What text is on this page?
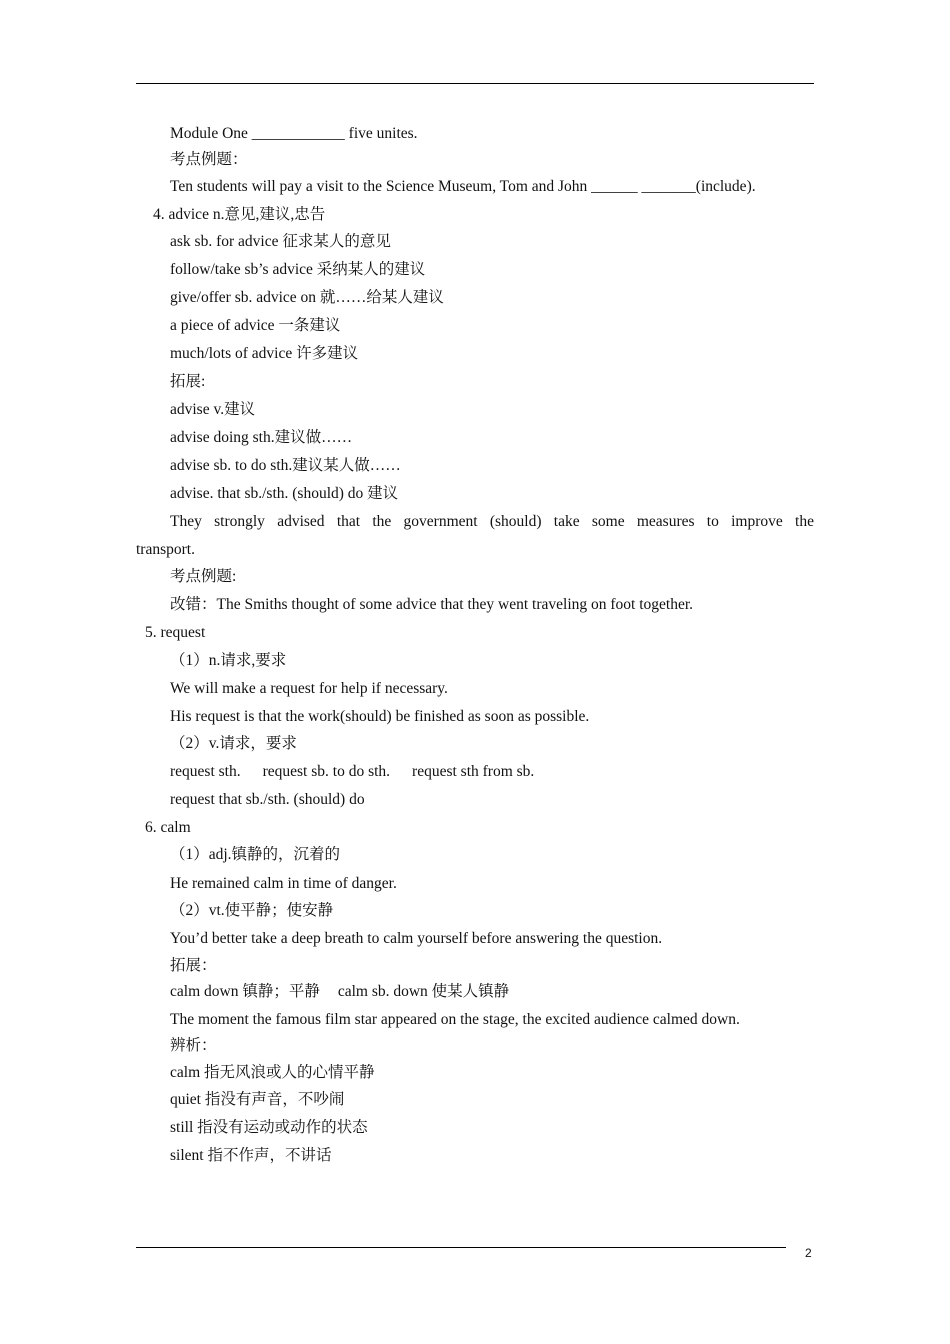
Module One ____________ five unites.
考点例题：
Ten students will pay a visit to the Science Museum, Tom and John ______ _______(include).
4. advice n.意见,建议,忠告
ask sb. for advice 征求某人的意见
follow/take sb’s advice 采纳某人的建议
give/offer sb. advice on 就……给某人建议
a piece of advice 一条建议
much/lots of advice 许多建议
拓展:
advise v.建议
advise doing sth.建议做……
advise sb. to do sth.建议某人做……
advise. that sb./sth. (should) do 建议
They strongly advised that the government (should) take some measures to improve the
transport.
考点例题:
改错：The Smiths thought of some advice that they went traveling on foot together.
5. request
（1）n.请求,要求
We will make a request for help if necessary.
His request is that the work(should) be finished as soon as possible.
（2）v.请求，要求
request sth. request sb. to do sth. request sth from sb.
request that sb./sth. (should) do
6. calm
（1）adj.镇静的，沉着的
He remained calm in time of danger.
（2）vt.使平静；使安静
You’d better take a deep breath to calm yourself before answering the question.
拓展：
calm down 镇静；平静 calm sb. down 使某人镇静
The moment the famous film star appeared on the stage, the excited audience calmed down.
辨析：
calm 指无风浪或人的心情平静
quiet 指没有声音，不吵闹
still 指没有运动或动作的状态
silent 指不作声，不讲话
2
